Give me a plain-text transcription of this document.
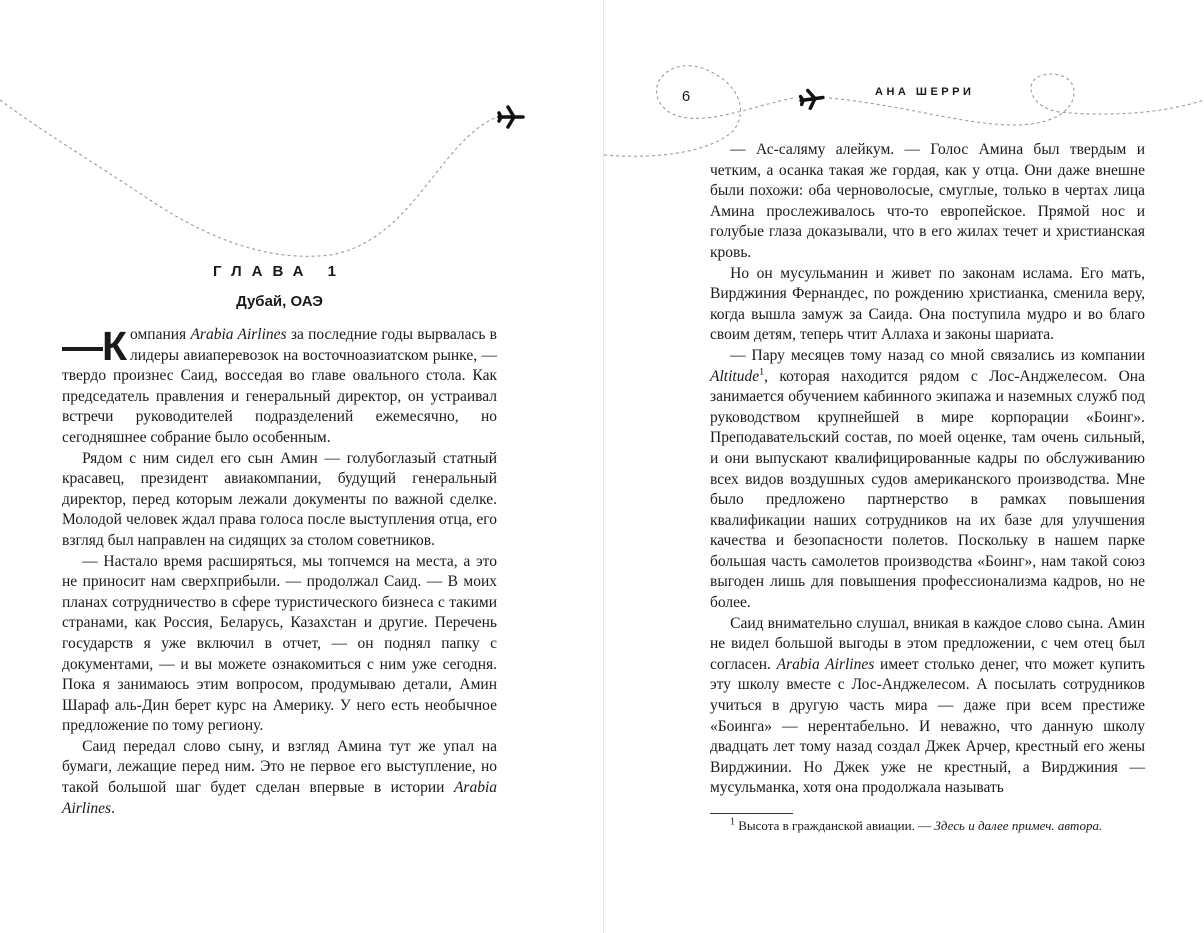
ГЛАВА 1
Дубай, ОАЭ

—К омпания Arabia Airlines за последние годы вырвалась в лидеры авиаперевозок на восточноазиатском рынке, — твердо произнес Саид, восседая во главе овального стола. Как председатель правления и генеральный директор, он устраивал встречи руководителей подразделений ежемесячно, но сегодняшнее собрание было особенным.

Рядом с ним сидел его сын Амин — голубоглазый статный красавец, президент авиакомпании, будущий генеральный директор, перед которым лежали документы по важной сделке. Молодой человек ждал права голоса после выступления отца, его взгляд был направлен на сидящих за столом советников.

— Настало время расширяться, мы топчемся на места, а это не приносит нам сверхприбыли. — продолжал Саид. — В моих планах сотрудничество в сфере туристического бизнеса с такими странами, как Россия, Беларусь, Казахстан и другие. Перечень государств я уже включил в отчет, — он поднял папку с документами, — и вы можете ознакомиться с ним уже сегодня. Пока я занимаюсь этим вопросом, продумываю детали, Амин Шараф аль-Дин берет курс на Америку. У него есть необычное предложение по тому региону.

Саид передал слово сыну, и взгляд Амина тут же упал на бумаги, лежащие перед ним. Это не первое его выступление, но такой большой шаг будет сделан впервые в истории Arabia Airlines.

6	АНА ШЕРРИ

— Ас-саляму алейкум. — Голос Амина был твердым и четким, а осанка такая же гордая, как у отца. Они даже внешне были похожи: оба черноволосые, смуглые, только в чертах лица Амина прослеживалось что-то европейское. Прямой нос и голубые глаза доказывали, что в его жилах течет и христианская кровь.

Но он мусульманин и живет по законам ислама. Его мать, Вирджиния Фернандес, по рождению христианка, сменила веру, когда вышла замуж за Саида. Она поступила мудро и во благо своим детям, теперь чтит Аллаха и законы шариата.

— Пару месяцев тому назад со мной связались из компании Altitude$^1$, которая находится рядом с Лос-Анджелесом. Она занимается обучением кабинного экипажа и наземных служб под руководством крупнейшей в мире корпорации «Боинг». Преподавательский состав, по моей оценке, там очень сильный, и они выпускают квалифицированные кадры по обслуживанию всех видов воздушных судов американского производства. Мне было предложено партнерство в рамках повышения квалификации наших сотрудников на их базе для улучшения качества и безопасности полетов. Поскольку в нашем парке большая часть самолетов производства «Боинг», нам такой союз выгоден лишь для повышения профессионализма кадров, но не более.

Саид внимательно слушал, вникая в каждое слово сына. Амин не видел большой выгоды в этом предложении, с чем отец был согласен. Arabia Airlines имеет столько денег, что может купить эту школу вместе с Лос-Анджелесом. А посылать сотрудников учиться в другую часть мира — даже при всем престиже «Боинга» — нерентабельно. И неважно, что данную школу двадцать лет тому назад создал Джек Арчер, крестный его жены Вирджинии. Но Джек уже не крестный, а Вирджиния — мусульманка, хотя она продолжала называть

$^1$ Высота в гражданской авиации. — Здесь и далее примеч. автора.
